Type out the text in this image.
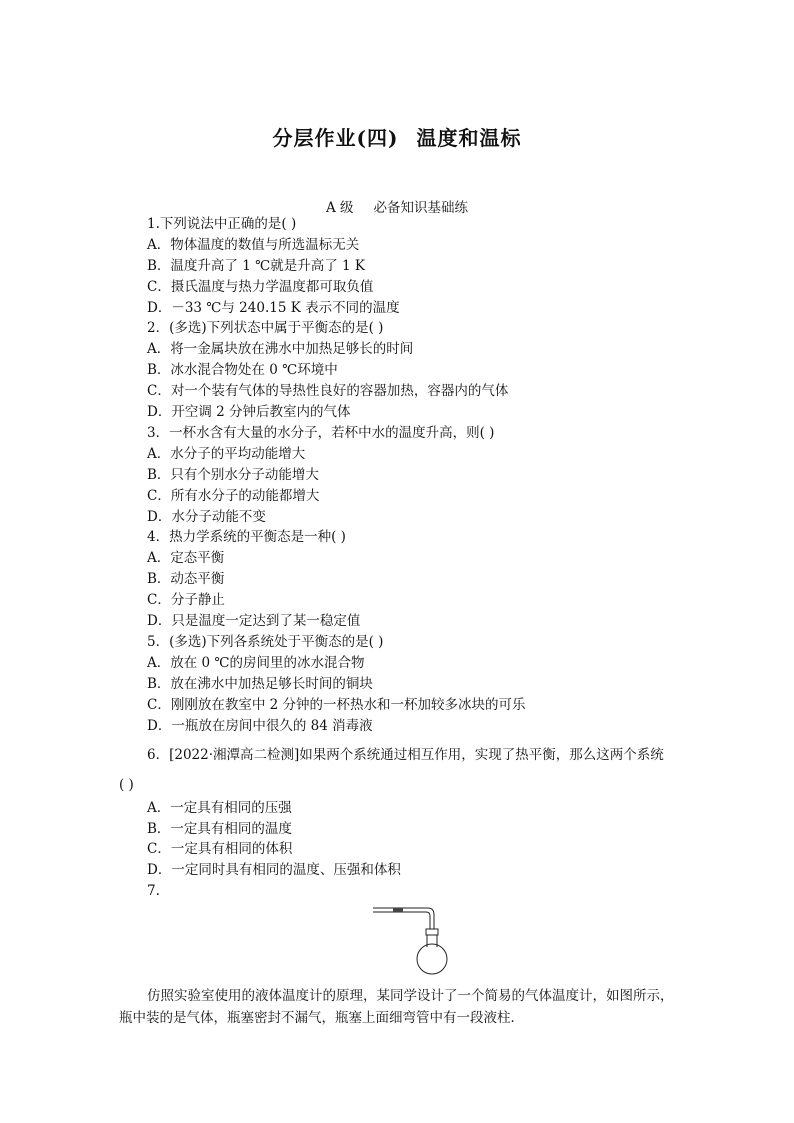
分层作业(四) 温度和温标
A 级 必备知识基础练
1.下列说法中正确的是( )
A．物体温度的数值与所选温标无关
B．温度升高了 1 ℃就是升高了 1 K
C．摄氏温度与热力学温度都可取负值
D．－33 ℃与 240.15 K 表示不同的温度
2．(多选)下列状态中属于平衡态的是( )
A．将一金属块放在沸水中加热足够长的时间
B．冰水混合物处在 0 ℃环境中
C．对一个装有气体的导热性良好的容器加热，容器内的气体
D．开空调 2 分钟后教室内的气体
3．一杯水含有大量的水分子，若杯中水的温度升高，则( )
A．水分子的平均动能增大
B．只有个别水分子动能增大
C．所有水分子的动能都增大
D．水分子动能不变
4．热力学系统的平衡态是一种( )
A．定态平衡
B．动态平衡
C．分子静止
D．只是温度一定达到了某一稳定值
5．(多选)下列各系统处于平衡态的是( )
A．放在 0 ℃的房间里的冰水混合物
B．放在沸水中加热足够长时间的铜块
C．刚刚放在教室中 2 分钟的一杯热水和一杯加较多冰块的可乐
D．一瓶放在房间中很久的 84 消毒液
6．[2022·湘潭高二检测]如果两个系统通过相互作用，实现了热平衡，那么这两个系统
( )
A．一定具有相同的压强
B．一定具有相同的温度
C．一定具有相同的体积
D．一定同时具有相同的温度、压强和体积
7.
仿照实验室使用的液体温度计的原理，某同学设计了一个简易的气体温度计，如图所示，
瓶中装的是气体，瓶塞密封不漏气，瓶塞上面细弯管中有一段液柱．
